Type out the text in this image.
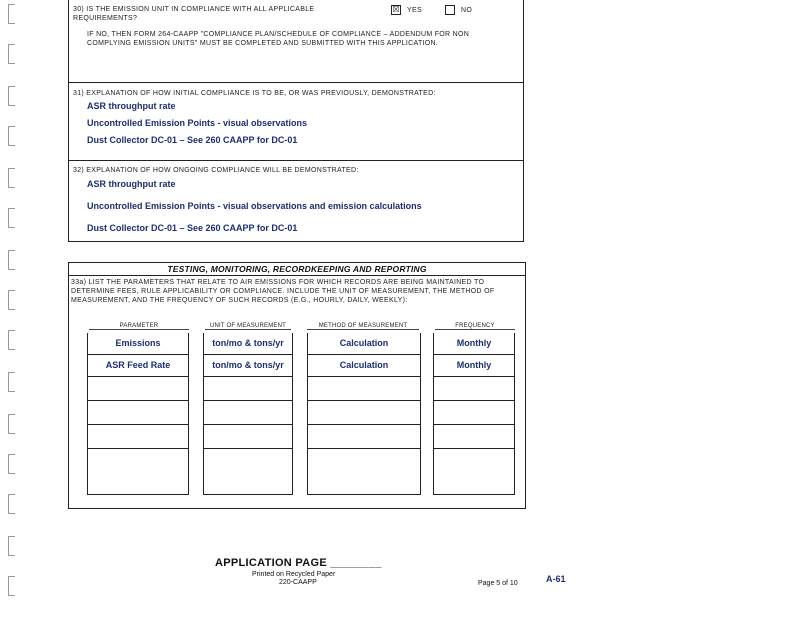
30) IS THE EMISSION UNIT IN COMPLIANCE WITH ALL APPLICABLE REQUIREMENTS?
☒ YES	NO
IF NO, THEN FORM 264-CAAPP "COMPLIANCE PLAN/SCHEDULE OF COMPLIANCE – ADDENDUM FOR NON COMPLYING EMISSION UNITS" MUST BE COMPLETED AND SUBMITTED WITH THIS APPLICATION.
31) EXPLANATION OF HOW INITIAL COMPLIANCE IS TO BE, OR WAS PREVIOUSLY, DEMONSTRATED:
ASR throughput rate
Uncontrolled Emission Points - visual observations
Dust Collector DC-01 – See 260 CAAPP for DC-01
32) EXPLANATION OF HOW ONGOING COMPLIANCE WILL BE DEMONSTRATED:
ASR throughput rate
Uncontrolled Emission Points - visual observations and emission calculations
Dust Collector DC-01 – See 260 CAAPP for DC-01
TESTING, MONITORING, RECORDKEEPING AND REPORTING
33a) LIST THE PARAMETERS THAT RELATE TO AIR EMISSIONS FOR WHICH RECORDS ARE BEING MAINTAINED TO DETERMINE FEES, RULE APPLICABILITY OR COMPLIANCE. INCLUDE THE UNIT OF MEASUREMENT, THE METHOD OF MEASUREMENT, AND THE FREQUENCY OF SUCH RECORDS (E.G., HOURLY, DAILY, WEEKLY):
PARAMETER	UNIT OF MEASUREMENT	METHOD OF MEASUREMENT	FREQUENCY
Emissions	ton/mo & tons/yr	Calculation	Monthly
ASR Feed Rate	ton/mo & tons/yr	Calculation	Monthly
APPLICATION PAGE ________
Printed on Recycled Paper
220-CAAPP	Page 5 of 10	A-61
